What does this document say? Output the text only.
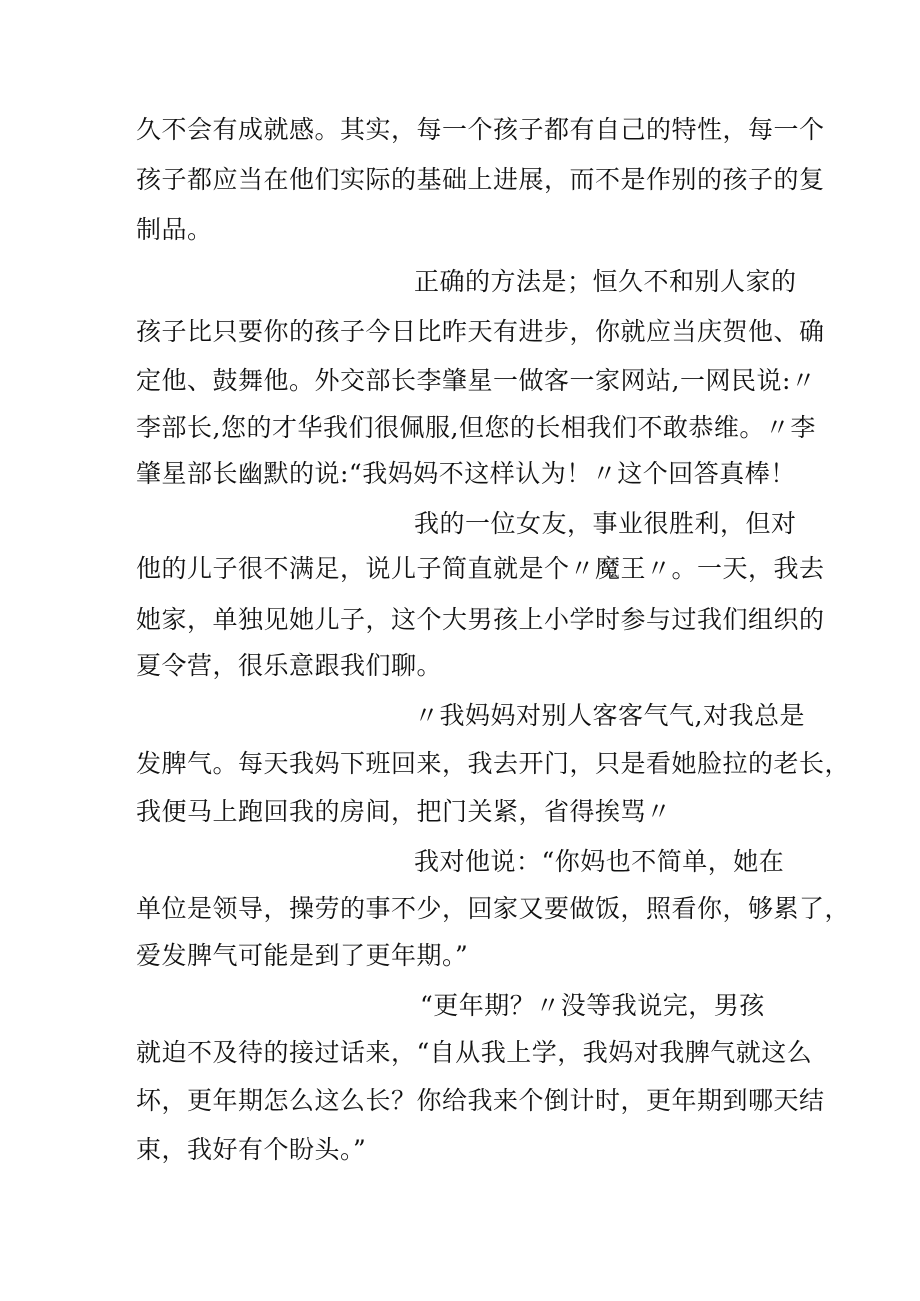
久不会有成就感。其实，每一个孩子都有自己的特性，每一个
孩子都应当在他们实际的基础上进展，而不是作别的孩子的复
制品。
正确的方法是；恒久不和别人家的
孩子比只要你的孩子今日比昨天有进步，你就应当庆贺他、确
定他、鼓舞他。外交部长李肇星一做客一家网站,一网民说:〃
李部长,您的才华我们很佩服,但您的长相我们不敢恭维。〃李
肇星部长幽默的说:“我妈妈不这样认为！〃这个回答真棒！
我的一位女友，事业很胜利，但对
他的儿子很不满足，说儿子简直就是个〃魔王〃。一天，我去
她家，单独见她儿子，这个大男孩上小学时参与过我们组织的
夏令营，很乐意跟我们聊。
〃我妈妈对别人客客气气,对我总是
发脾气。每天我妈下班回来，我去开门，只是看她脸拉的老长，
我便马上跑回我的房间，把门关紧，省得挨骂〃
我对他说：“你妈也不简单，她在
单位是领导，操劳的事不少，回家又要做饭，照看你，够累了，
爱发脾气可能是到了更年期。”
“更年期？〃没等我说完，男孩
就迫不及待的接过话来，“自从我上学，我妈对我脾气就这么
坏，更年期怎么这么长？你给我来个倒计时，更年期到哪天结
束，我好有个盼头。”
